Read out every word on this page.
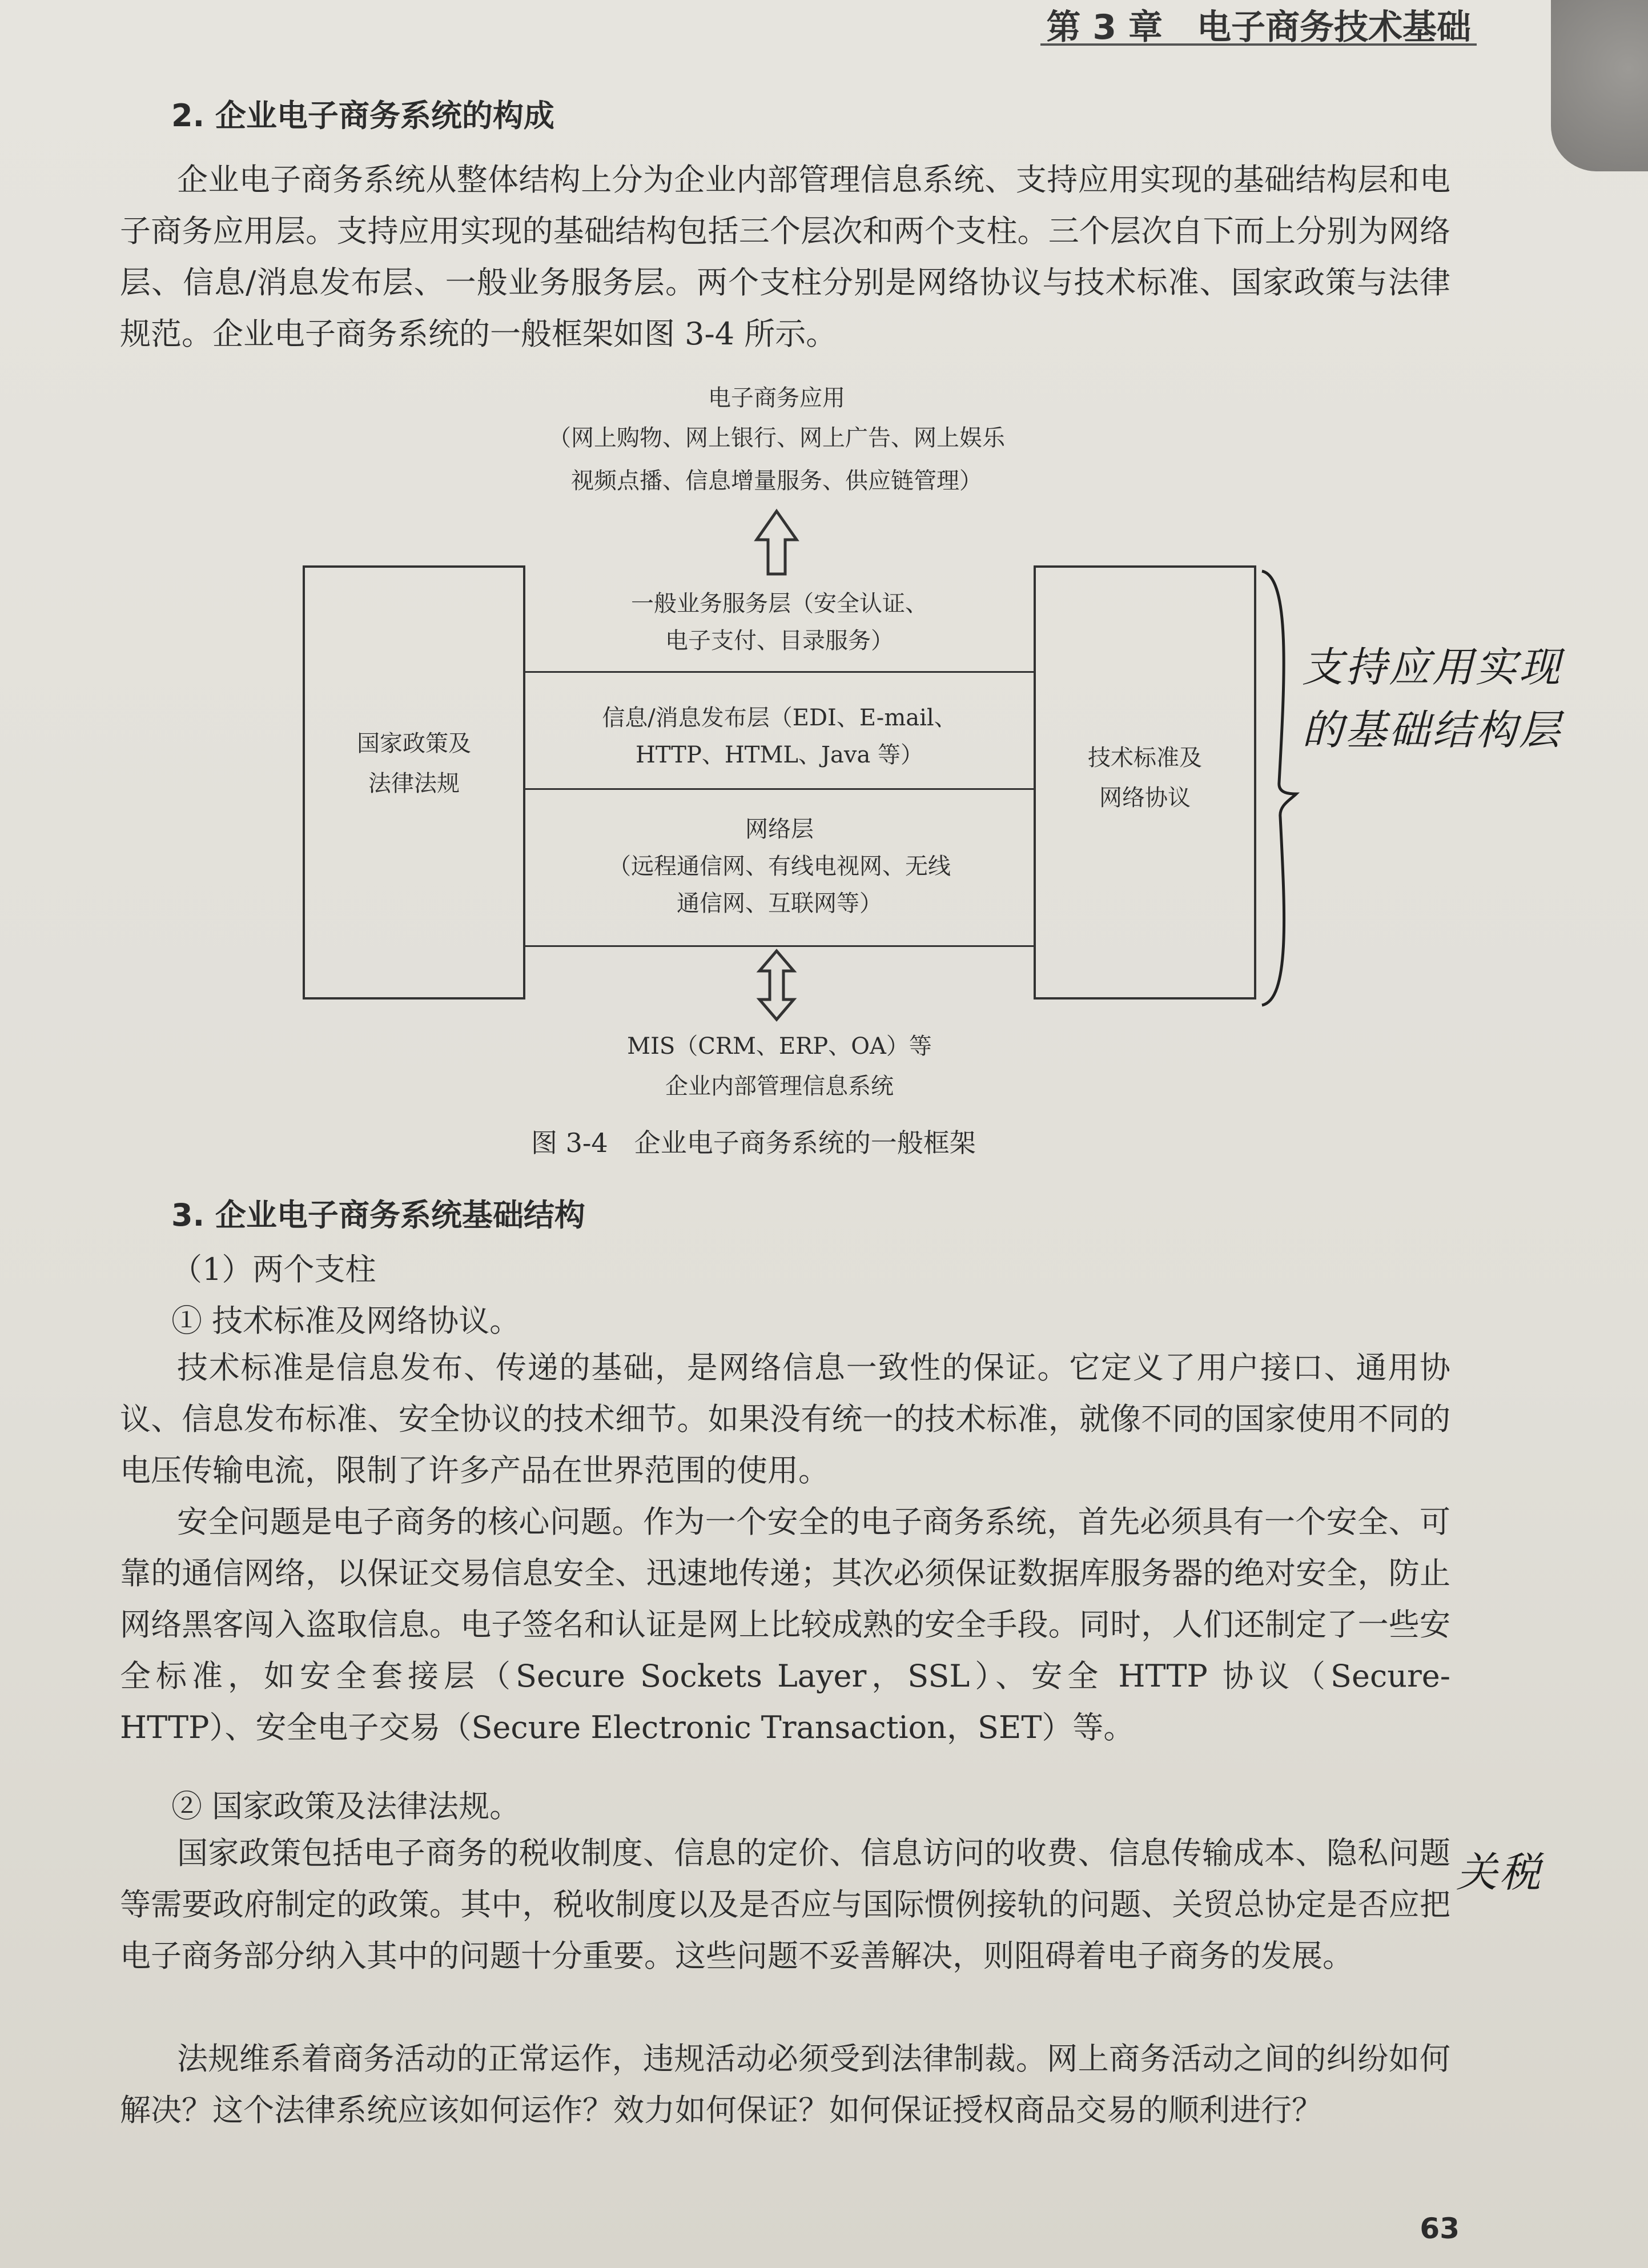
第 3 章　电子商务技术基础
2. 企业电子商务系统的构成
企业电子商务系统从整体结构上分为企业内部管理信息系统、支持应用实现的基础结构层和电子商务应用层。支持应用实现的基础结构包括三个层次和两个支柱。三个层次自下而上分别为网络层、信息/消息发布层、一般业务服务层。两个支柱分别是网络协议与技术标准、国家政策与法律规范。企业电子商务系统的一般框架如图 3-4 所示。
电子商务应用
（网上购物、网上银行、网上广告、网上娱乐
视频点播、信息增量服务、供应链管理）
国家政策及
法律法规
技术标准及
网络协议
一般业务服务层（安全认证、
电子支付、目录服务）
信息/消息发布层（EDI、E-mail、
HTTP、HTML、Java 等）
网络层
（远程通信网、有线电视网、无线
通信网、互联网等）
MIS（CRM、ERP、OA）等
企业内部管理信息系统
图 3-4　企业电子商务系统的一般框架
支持应用实现
的基础结构层
关税
3. 企业电子商务系统基础结构
（1）两个支柱
① 技术标准及网络协议。
技术标准是信息发布、传递的基础，是网络信息一致性的保证。它定义了用户接口、通用协议、信息发布标准、安全协议的技术细节。如果没有统一的技术标准，就像不同的国家使用不同的电压传输电流，限制了许多产品在世界范围的使用。
安全问题是电子商务的核心问题。作为一个安全的电子商务系统，首先必须具有一个安全、可靠的通信网络，以保证交易信息安全、迅速地传递；其次必须保证数据库服务器的绝对安全，防止网络黑客闯入盗取信息。电子签名和认证是网上比较成熟的安全手段。同时，人们还制定了一些安全标准，如安全套接层（Secure Sockets Layer，SSL）、安全 HTTP 协议（Secure-HTTP）、安全电子交易（Secure Electronic Transaction，SET）等。
② 国家政策及法律法规。
国家政策包括电子商务的税收制度、信息的定价、信息访问的收费、信息传输成本、隐私问题等需要政府制定的政策。其中，税收制度以及是否应与国际惯例接轨的问题、关贸总协定是否应把电子商务部分纳入其中的问题十分重要。这些问题不妥善解决，则阻碍着电子商务的发展。
法规维系着商务活动的正常运作，违规活动必须受到法律制裁。网上商务活动之间的纠纷如何解决？这个法律系统应该如何运作？效力如何保证？如何保证授权商品交易的顺利进行？
63
